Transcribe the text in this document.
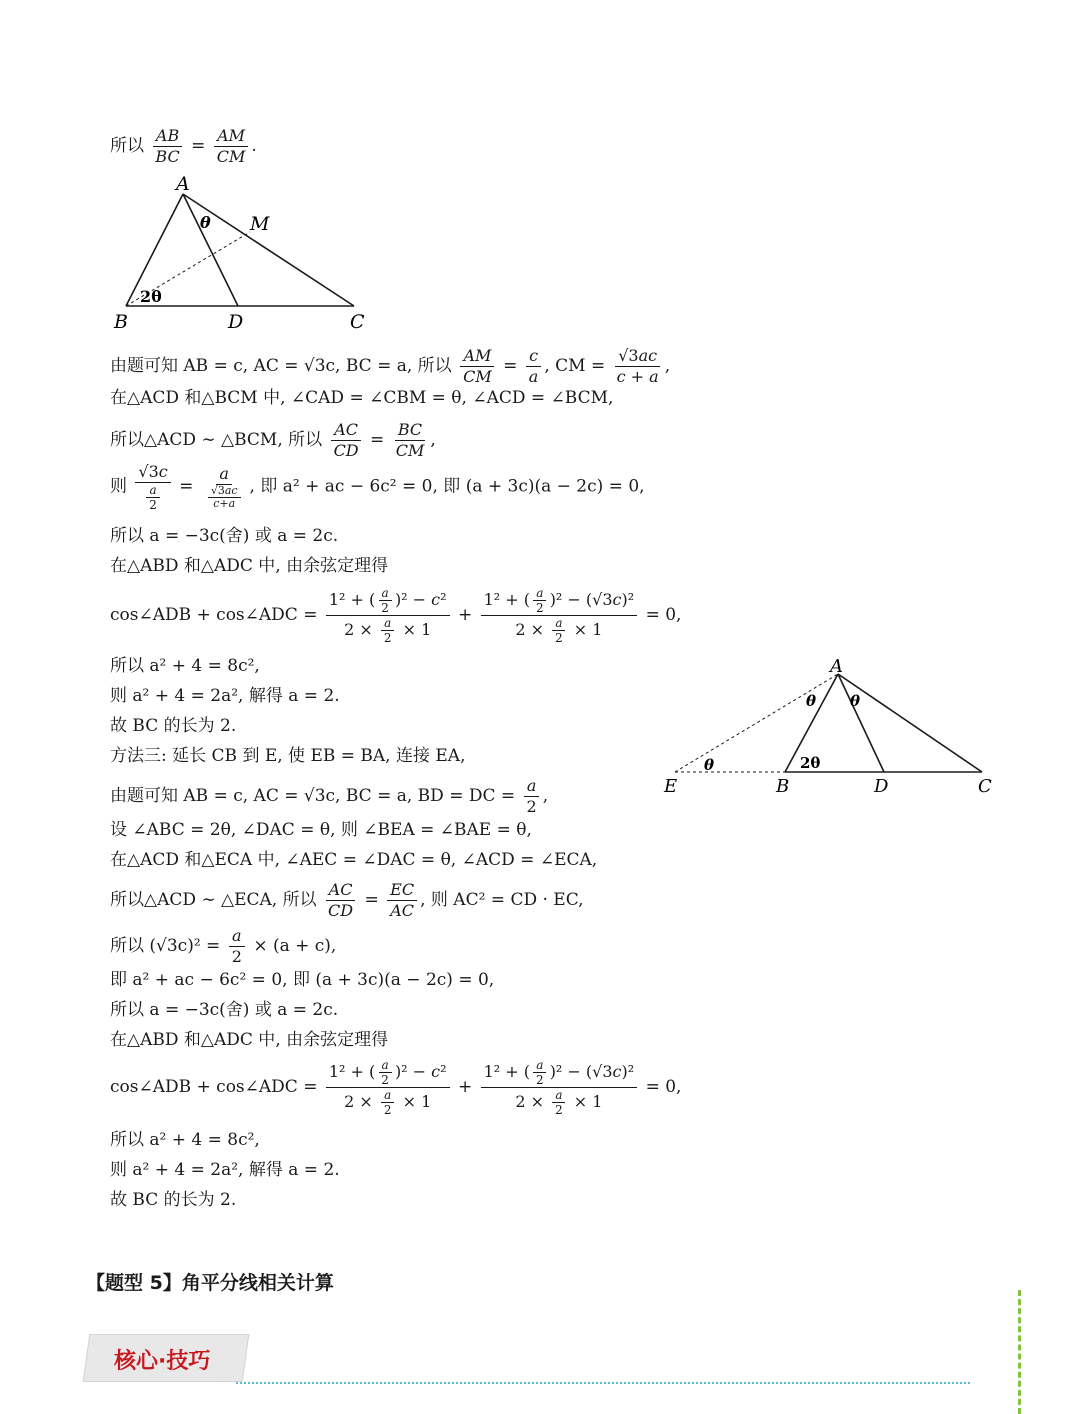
所以 $\frac{AB}{BC} = \frac{AM}{CM}$ .
A
M
B	D	C
θ
2θ
由题可知 AB = c, AC = √3c, BC = a, 所以 $\frac{AM}{CM} = \frac{c}{a}$ , CM = $\frac{√3ac}{c + a}$ ,
在△ACD 和△BCM 中, ∠CAD = ∠CBM = θ, ∠ACD = ∠BCM,
所以△ACD ∼ △BCM, 所以 $\frac{AC}{CD} = \frac{BC}{CM}$ ,
则 $\frac{√3c}{\frac{a}{2}} = \frac{a}{\frac{√3ac}{c+a}}$ , 即 a² + ac − 6c² = 0, 即 (a + 3c)(a − 2c) = 0,
所以 a = −3c(舍) 或 a = 2c.
在△ABD 和△ADC 中, 由余弦定理得
cos∠ADB + cos∠ADC = $\frac{1^2 + ( \frac{a}{2} )^2 - c^2}{2 \times \frac{a}{2} \times 1} + \frac{1^2 + ( \frac{a}{2} )^2 - (√3c)^2}{2 \times \frac{a}{2} \times 1} = 0$,
所以 a² + 4 = 8c²,
则 a² + 4 = 2a², 解得 a = 2.
故 BC 的长为 2.
方法三: 延长 CB 到 E, 使 EB = BA, 连接 EA,
由题可知 AB = c, AC = √3c, BC = a, BD = DC = $\frac{a}{2}$ ,
设 ∠ABC = 2θ, ∠DAC = θ, 则 ∠BEA = ∠BAE = θ,
在△ACD 和△ECA 中, ∠AEC = ∠DAC = θ, ∠ACD = ∠ECA,
所以△ACD ∼ △ECA, 所以 $\frac{AC}{CD} = \frac{EC}{AC}$ , 则 AC² = CD · EC,
所以 $(√3c)^2 = \frac{a}{2} \times (a + c)$,
即 a² + ac − 6c² = 0, 即 (a + 3c)(a − 2c) = 0,
所以 a = −3c(舍) 或 a = 2c.
在△ABD 和△ADC 中, 由余弦定理得
cos∠ADB + cos∠ADC = $\frac{1^2 + ( \frac{a}{2} )^2 - c^2}{2 \times \frac{a}{2} \times 1} + \frac{1^2 + ( \frac{a}{2} )^2 - (√3c)^2}{2 \times \frac{a}{2} \times 1} = 0$,
所以 a² + 4 = 8c²,
则 a² + 4 = 2a², 解得 a = 2.
故 BC 的长为 2.
A
E	B	D	C
θ
θ θ
2θ
【题型 5】角平分线相关计算
核心·技巧
